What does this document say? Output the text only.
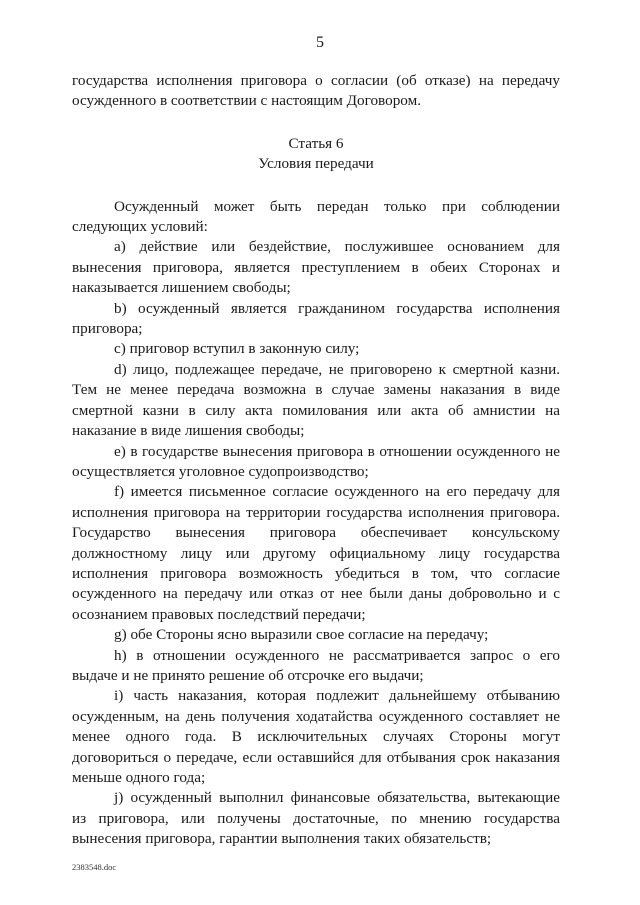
5

государства исполнения приговора о согласии (об отказе) на передачу осужденного в соответствии с настоящим Договором.

Статья 6
Условия передачи

Осужденный может быть передан только при соблюдении следующих условий:

a) действие или бездействие, послужившее основанием для вынесения приговора, является преступлением в обеих Сторонах и наказывается лишением свободы;

b) осужденный является гражданином государства исполнения приговора;

c) приговор вступил в законную силу;

d) лицо, подлежащее передаче, не приговорено к смертной казни. Тем не менее передача возможна в случае замены наказания в виде смертной казни в силу акта помилования или акта об амнистии на наказание в виде лишения свободы;

e) в государстве вынесения приговора в отношении осужденного не осуществляется уголовное судопроизводство;

f) имеется письменное согласие осужденного на его передачу для исполнения приговора на территории государства исполнения приговора. Государство вынесения приговора обеспечивает консульскому должностному лицу или другому официальному лицу государства исполнения приговора возможность убедиться в том, что согласие осужденного на передачу или отказ от нее были даны добровольно и с осознанием правовых последствий передачи;

g) обе Стороны ясно выразили свое согласие на передачу;

h) в отношении осужденного не рассматривается запрос о его выдаче и не принято решение об отсрочке его выдачи;

i) часть наказания, которая подлежит дальнейшему отбыванию осужденным, на день получения ходатайства осужденного составляет не менее одного года. В исключительных случаях Стороны могут договориться о передаче, если оставшийся для отбывания срок наказания меньше одного года;

j) осужденный выполнил финансовые обязательства, вытекающие из приговора, или получены достаточные, по мнению государства вынесения приговора, гарантии выполнения таких обязательств;

2383548.doc
